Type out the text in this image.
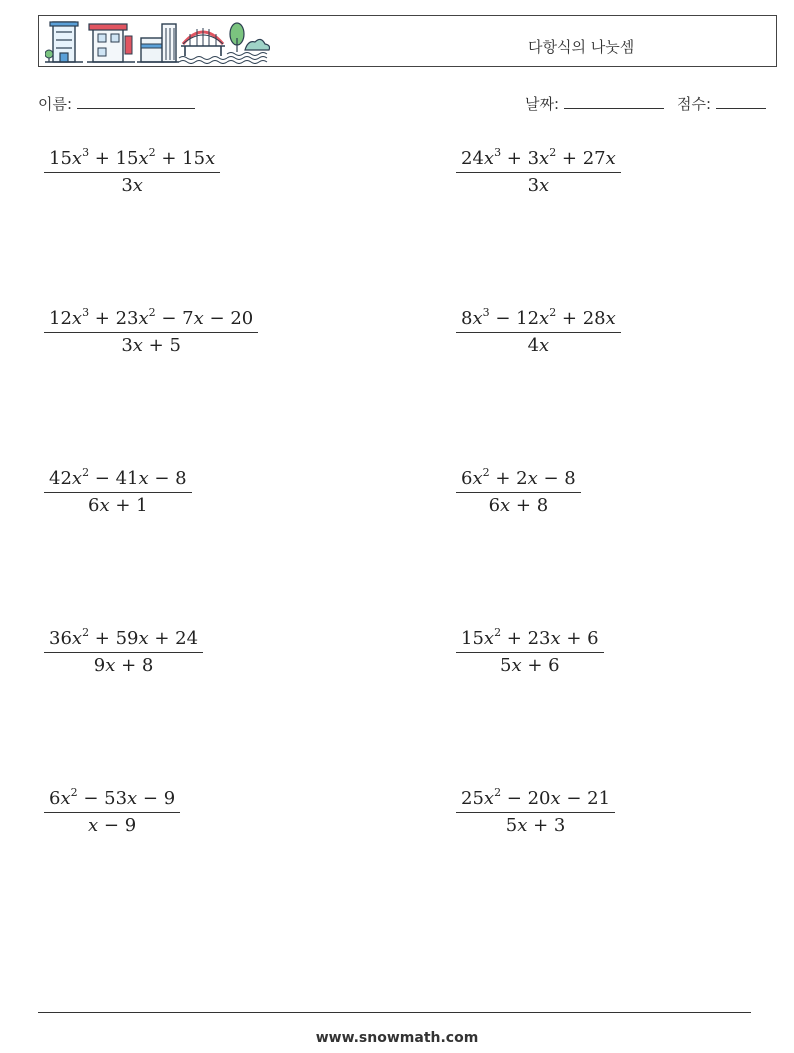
다항식의 나눗셈
이름:	날짜:	점수:
$\frac{15x^3 + 15x^2 + 15x}{3x}$	$\frac{24x^3 + 3x^2 + 27x}{3x}$
$\frac{12x^3 + 23x^2 - 7x - 20}{3x + 5}$	$\frac{8x^3 - 12x^2 + 28x}{4x}$
$\frac{42x^2 - 41x - 8}{6x + 1}$	$\frac{6x^2 + 2x - 8}{6x + 8}$
$\frac{36x^2 + 59x + 24}{9x + 8}$	$\frac{15x^2 + 23x + 6}{5x + 6}$
$\frac{6x^2 - 53x - 9}{x - 9}$	$\frac{25x^2 - 20x - 21}{5x + 3}$
www.snowmath.com
